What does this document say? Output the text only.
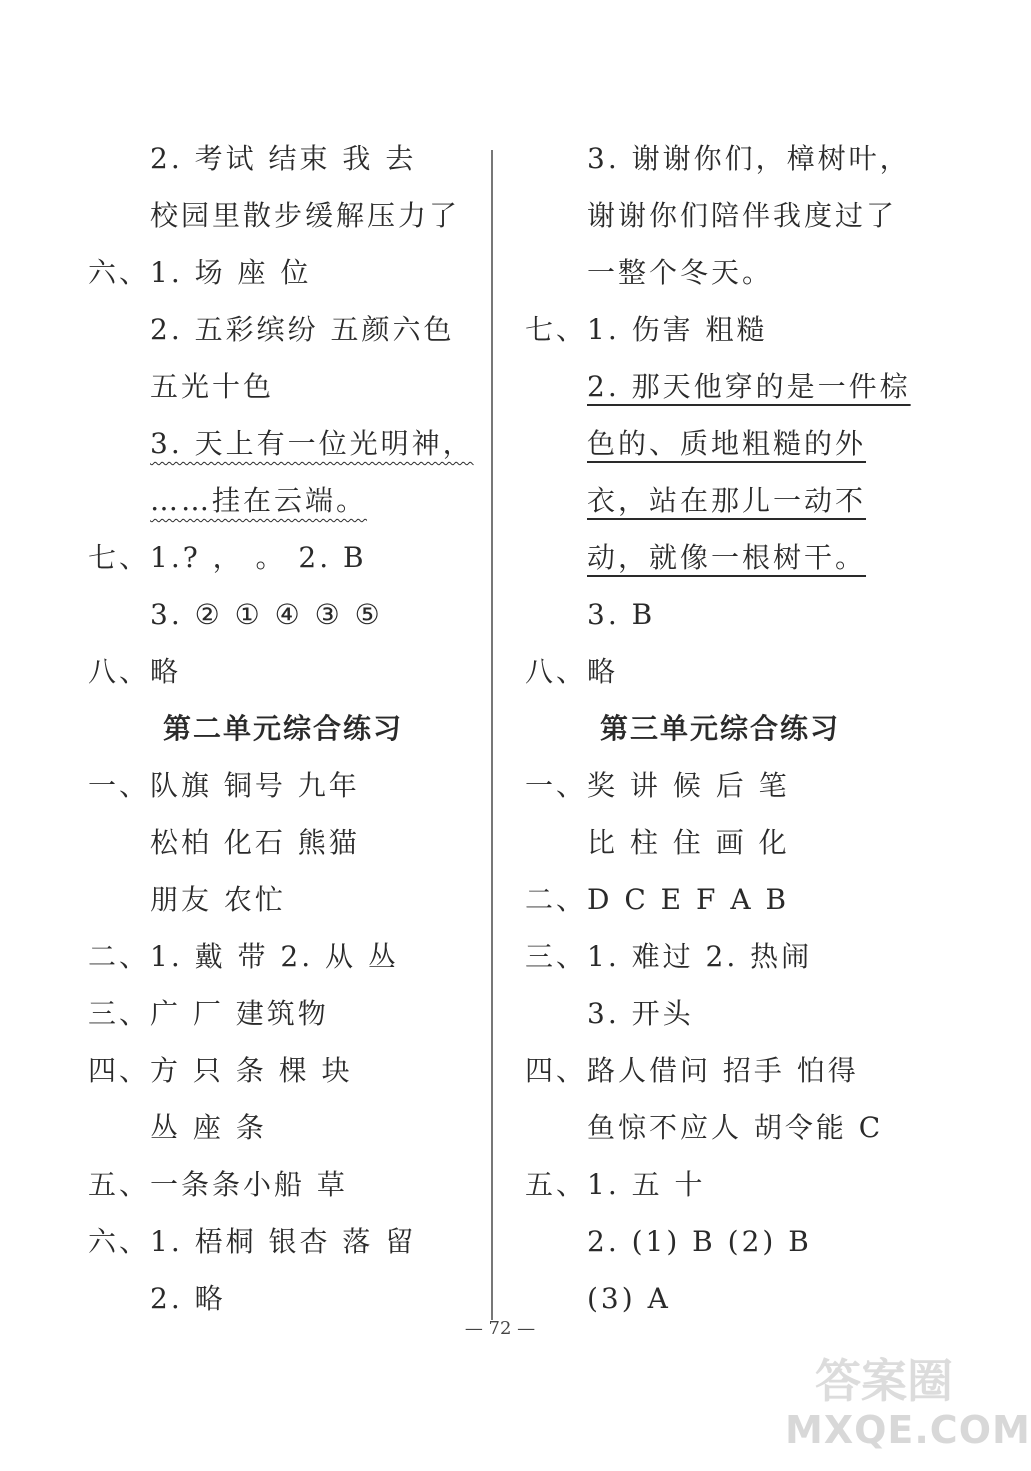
2. 考试 结束 我 去
校园里散步缓解压力了
六、1. 场 座 位
2. 五彩缤纷 五颜六色
五光十色
3. 天上有一位光明神，
……挂在云端。
七、1.? ， 。 2. B
3. ② ① ④ ③ ⑤
八、略
第二单元综合练习
一、队旗 铜号 九年
松柏 化石 熊猫
朋友 农忙
二、1. 戴 带 2. 从 丛
三、广 厂 建筑物
四、方 只 条 棵 块
丛 座 条
五、一条条小船 草
六、1. 梧桐 银杏 落 留
2. 略
3. 谢谢你们，樟树叶，
谢谢你们陪伴我度过了
一整个冬天。
七、1. 伤害 粗糙
2. 那天他穿的是一件棕
色的、质地粗糙的外
衣，站在那儿一动不
动，就像一根树干。
3. B
八、略
第三单元综合练习
一、奖 讲 候 后 笔
比 柱 住 画 化
二、D C E F A B
三、1. 难过 2. 热闹
3. 开头
四、路人借问 招手 怕得
鱼惊不应人 胡令能 C
五、1. 五 十
2. (1) B (2) B
(3) A
— 72 —
答案圈
MXQE.COM
